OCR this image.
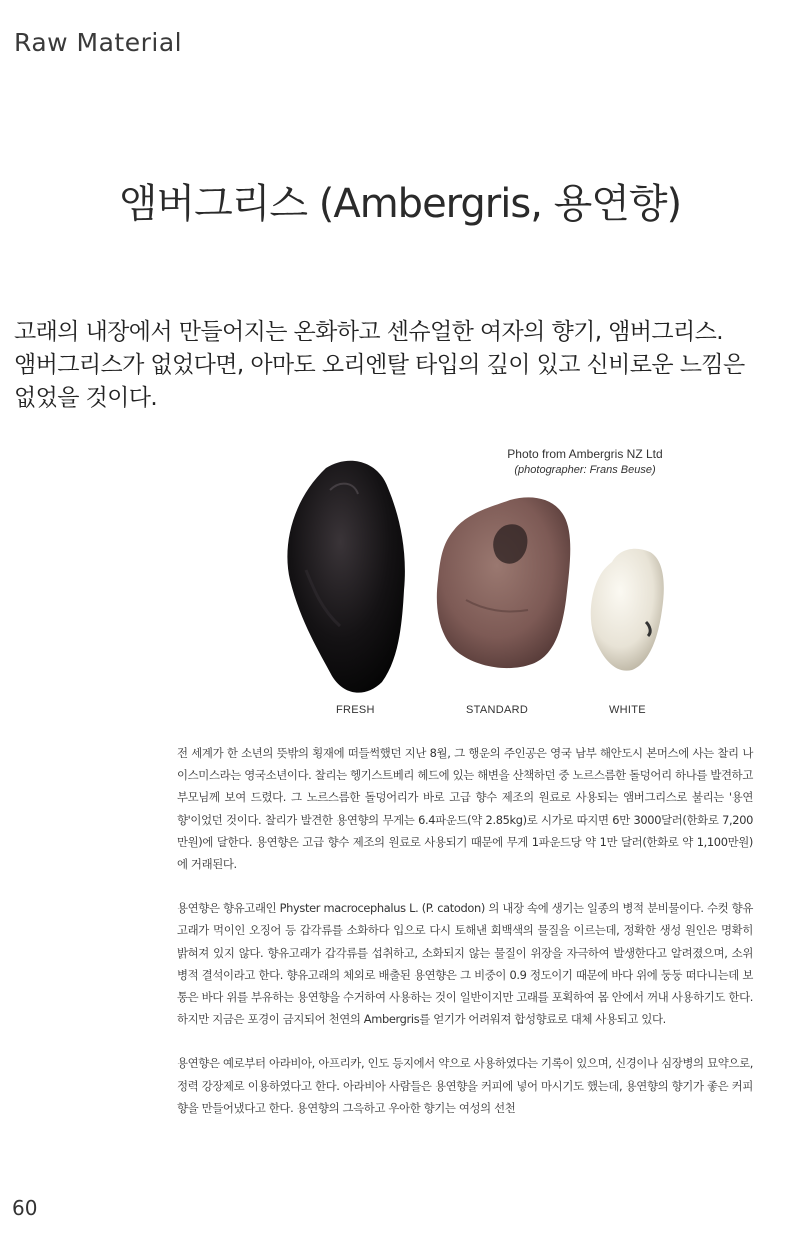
Raw Material
앰버그리스 (Ambergris, 용연향)
고래의 내장에서 만들어지는 온화하고 센슈얼한 여자의 향기, 앰버그리스.
앰버그리스가 없었다면, 아마도 오리엔탈 타입의 깊이 있고 신비로운 느낌은
없었을 것이다.
Photo from Ambergris NZ Ltd
(photographer: Frans Beuse)
FRESH	STANDARD	WHITE

전 세계가 한 소년의 뜻밖의 횡재에 떠들썩했던 지난 8월, 그 행운의 주인공은 영국 남부 해안도시 본머스에 사는 찰리 나이스미스라는 영국소년이다. 찰리는 헹기스트베리 헤드에 있는 해변을 산책하던 중 노르스름한 돌덩어리 하나를 발견하고 부모님께 보여 드렸다. 그 노르스름한 돌덩어리가 바로 고급 향수 제조의 원료로 사용되는 앰버그리스로 불리는 '용연향'이었던 것이다. 찰리가 발견한 용연향의 무게는 6.4파운드(약 2.85kg)로 시가로 따지면 6만 3000달러(한화로 7,200만원)에 달한다. 용연향은 고급 향수 제조의 원료로 사용되기 때문에 무게 1파운드당 약 1만 달러(한화로 약 1,100만원)에 거래된다.

용연향은 향유고래인 Physter macrocephalus L. (P. catodon) 의 내장 속에 생기는 일종의 병적 분비물이다. 수컷 향유고래가 먹이인 오징어 등 갑각류를 소화하다 입으로 다시 토해낸 회백색의 물질을 이르는데, 정확한 생성 원인은 명확히 밝혀져 있지 않다. 향유고래가 갑각류를 섭취하고, 소화되지 않는 물질이 위장을 자극하여 발생한다고 알려졌으며, 소위 병적 결석이라고 한다. 향유고래의 체외로 배출된 용연향은 그 비중이 0.9 정도이기 때문에 바다 위에 둥둥 떠다니는데 보통은 바다 위를 부유하는 용연향을 수거하여 사용하는 것이 일반이지만 고래를 포획하여 몸 안에서 꺼내 사용하기도 한다. 하지만 지금은 포경이 금지되어 천연의 Ambergris를 얻기가 어려워져 합성향료로 대체 사용되고 있다.

용연향은 예로부터 아라비아, 아프리카, 인도 등지에서 약으로 사용하였다는 기록이 있으며, 신경이나 심장병의 묘약으로, 정력 강장제로 이용하였다고 한다. 아라비아 사람들은 용연향을 커피에 넣어 마시기도 했는데, 용연향의 향기가 좋은 커피 향을 만들어냈다고 한다. 용연향의 그윽하고 우아한 향기는 여성의 선천

60
